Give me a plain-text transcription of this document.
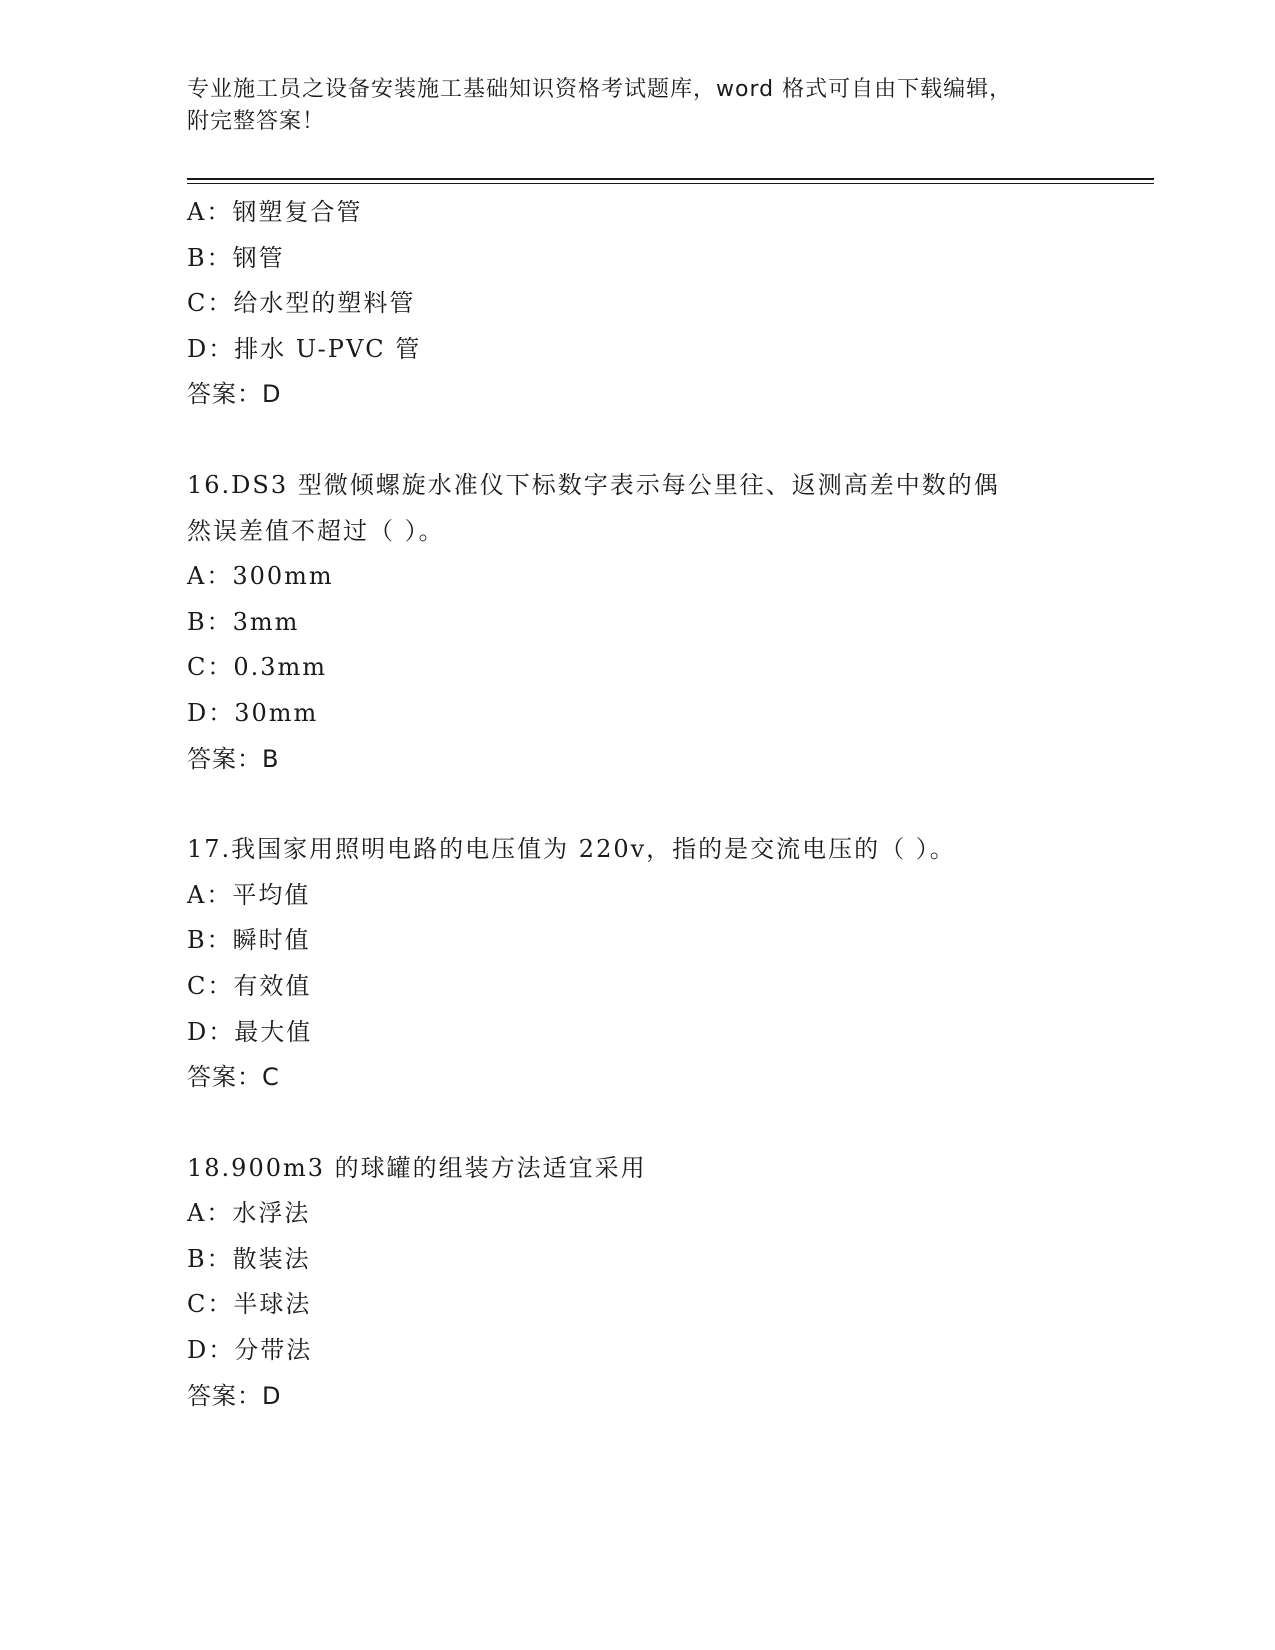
专业施工员之设备安装施工基础知识资格考试题库，word 格式可自由下载编辑，
附完整答案！
A：钢塑复合管
B：钢管
C：给水型的塑料管
D：排水 U-PVC 管
答案：D
16.DS3 型微倾螺旋水准仪下标数字表示每公里往、返测高差中数的偶
然误差值不超过（ ）。
A：300mm
B：3mm
C：0.3mm
D：30mm
答案：B
17.我国家用照明电路的电压值为 220v，指的是交流电压的（ ）。
A：平均值
B：瞬时值
C：有效值
D：最大值
答案：C
18.900m3 的球罐的组装方法适宜采用
A：水浮法
B：散装法
C：半球法
D：分带法
答案：D
